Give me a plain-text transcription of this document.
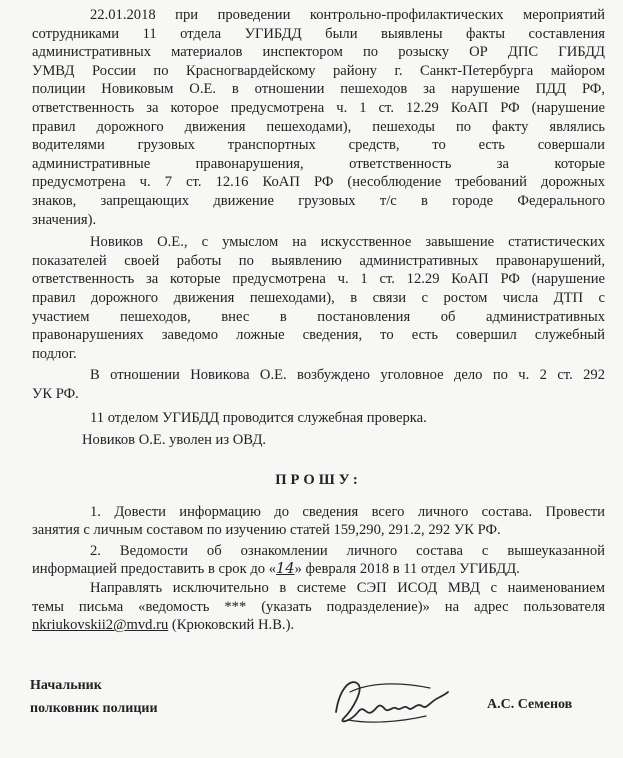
22.01.2018 при проведении контрольно-профилактических мероприятий
сотрудниками 11 отдела УГИБДД были выявлены факты составления
административных материалов инспектором по розыску ОР ДПС ГИБДД
УМВД России по Красногвардейскому району г. Санкт-Петербурга майором
полиции Новиковым О.Е. в отношении пешеходов за нарушение ПДД РФ,
ответственность за которое предусмотрена ч. 1 ст. 12.29 КоАП РФ (нарушение
правил дорожного движения пешеходами), пешеходы по факту являлись
водителями грузовых транспортных средств, то есть совершали
административные правонарушения, ответственность за которые
предусмотрена ч. 7 ст. 12.16 КоАП РФ (несоблюдение требований дорожных
знаков, запрещающих движение грузовых т/с в городе Федерального
значения).
Новиков О.Е., с умыслом на искусственное завышение статистических
показателей своей работы по выявлению административных правонарушений,
ответственность за которые предусмотрена ч. 1 ст. 12.29 КоАП РФ (нарушение
правил дорожного движения пешеходами), в связи с ростом числа ДТП с
участием пешеходов, внес в постановления об административных
правонарушениях заведомо ложные сведения, то есть совершил служебный
подлог.
В отношении Новикова О.Е. возбуждено уголовное дело по ч. 2 ст. 292
УК РФ.
11 отделом УГИБДД проводится служебная проверка.
Новиков О.Е. уволен из ОВД.
ПРОШУ:
1. Довести информацию до сведения всего личного состава. Провести
занятия с личным составом по изучению статей 159,290, 291.2, 292 УК РФ.
2. Ведомости об ознакомлении личного состава с вышеуказанной
информацией предоставить в срок до «14» февраля 2018 в 11 отдел УГИБДД.
Направлять исключительно в системе СЭП ИСОД МВД с наименованием
темы письма «ведомость *** (указать подразделение)» на адрес пользователя
nkriukovskii2@mvd.ru (Крюковский Н.В.).
Начальник
полковник полиции	А.С. Семенов
